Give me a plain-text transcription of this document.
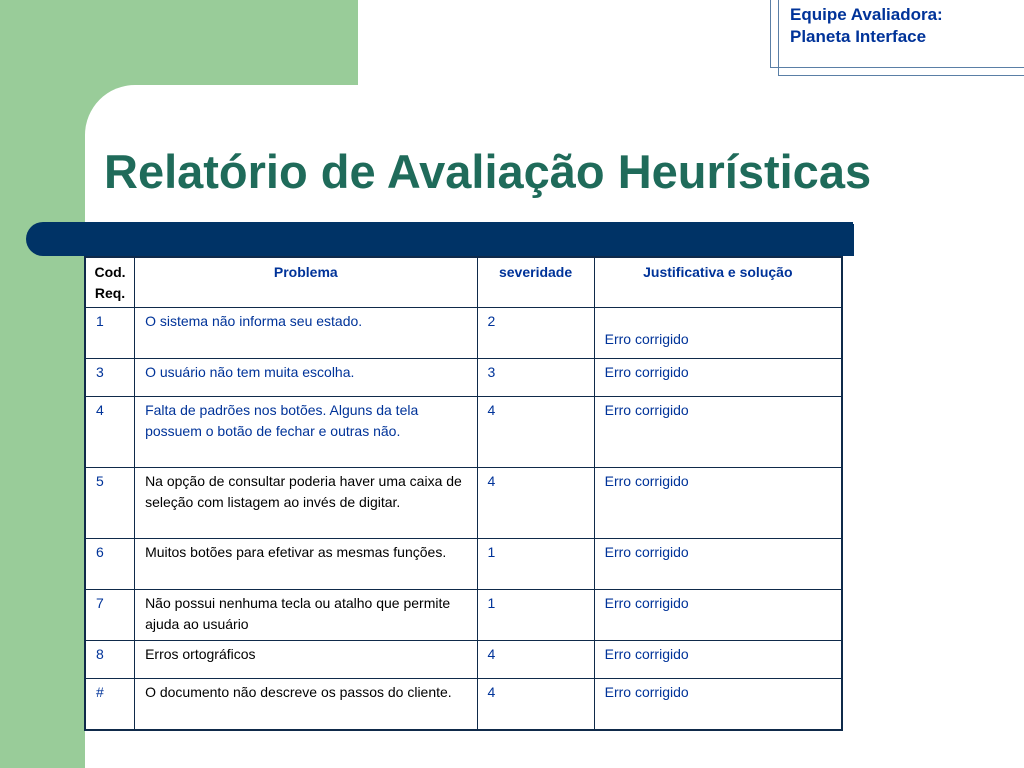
Equipe Avaliadora:
Planeta Interface
Relatório de Avaliação Heurísticas
Cod. Req.	Problema	severidade	Justificativa e solução
1	O sistema não informa seu estado.	2	Erro corrigido

3	O usuário não tem muita escolha.	3	Erro corrigido
4	Falta de padrões nos botões. Alguns da tela possuem o botão de fechar e outras não.	4	Erro corrigido
5	Na opção de consultar poderia haver uma caixa de seleção com listagem ao invés de digitar.	4	Erro corrigido
6	Muitos botões para efetivar as mesmas funções.	1	Erro corrigido
7	Não possui nenhuma tecla ou atalho que permite ajuda ao usuário	1	Erro corrigido
8	Erros ortográficos	4	Erro corrigido
#	O documento não descreve os passos do cliente.	4	Erro corrigido
